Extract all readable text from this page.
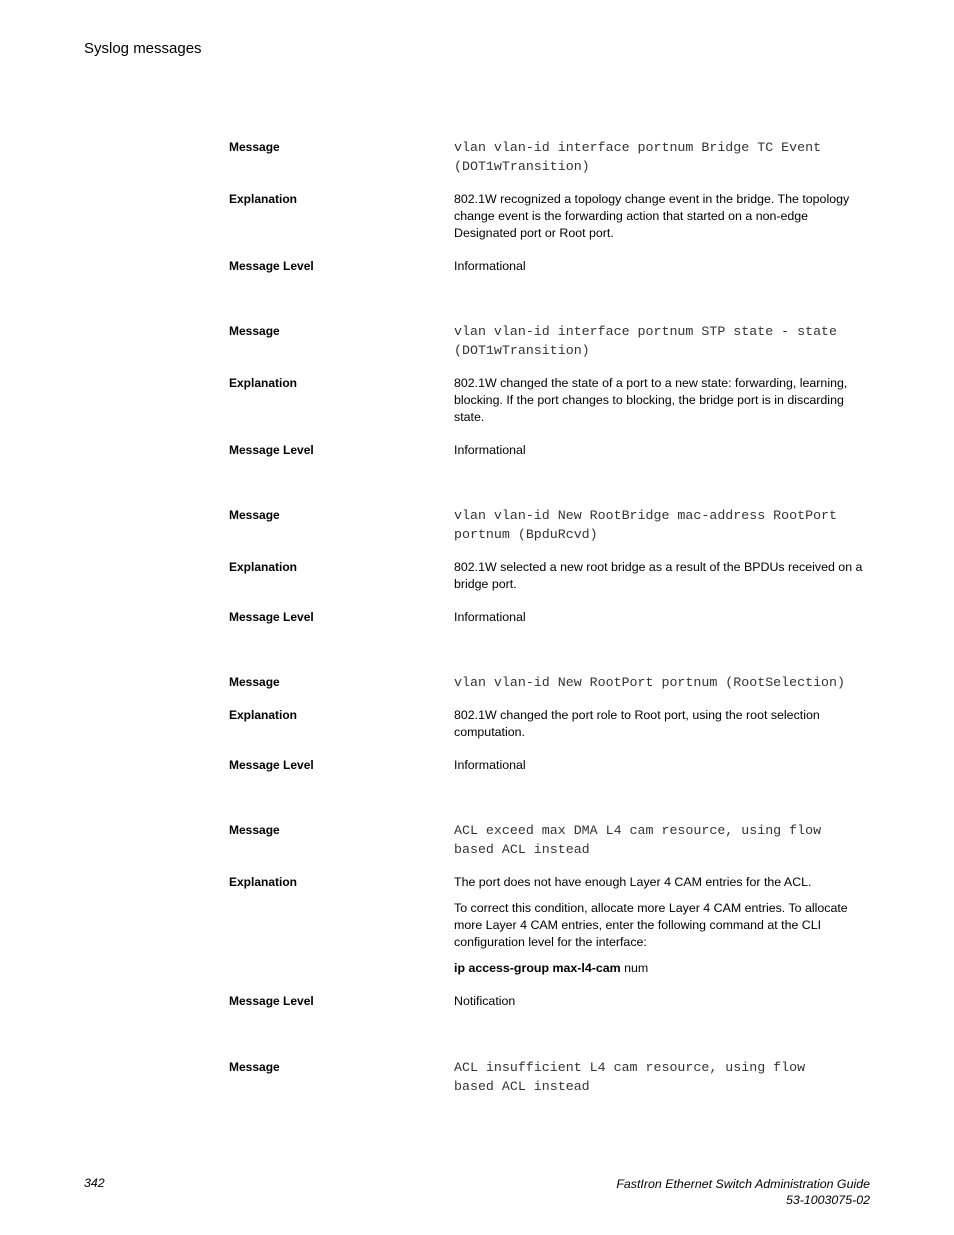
Syslog messages
Message	vlan vlan-id interface portnum Bridge TC Event
(DOT1wTransition)
Explanation	802.1W recognized a topology change event in the bridge. The topology change event is the forwarding action that started on a non-edge Designated port or Root port.

Message Level	Informational
Message	vlan vlan-id interface portnum STP state - state
(DOT1wTransition)
Explanation	802.1W changed the state of a port to a new state: forwarding, learning, blocking. If the port changes to blocking, the bridge port is in discarding state.

Message Level	Informational
Message	vlan vlan-id New RootBridge mac-address RootPort
portnum (BpduRcvd)
Explanation	802.1W selected a new root bridge as a result of the BPDUs received on a bridge port.

Message Level	Informational
Message	vlan vlan-id New RootPort portnum (RootSelection)
Explanation	802.1W changed the port role to Root port, using the root selection computation.

Message Level	Informational
Message	ACL exceed max DMA L4 cam resource, using flow
based ACL instead
Explanation	The port does not have enough Layer 4 CAM entries for the ACL.

To correct this condition, allocate more Layer 4 CAM entries. To allocate more Layer 4 CAM entries, enter the following command at the CLI configuration level for the interface:

ip access-group max-l4-cam num

Message Level	Notification
Message	ACL insufficient L4 cam resource, using flow
based ACL instead
342	FastIron Ethernet Switch Administration Guide
53-1003075-02
